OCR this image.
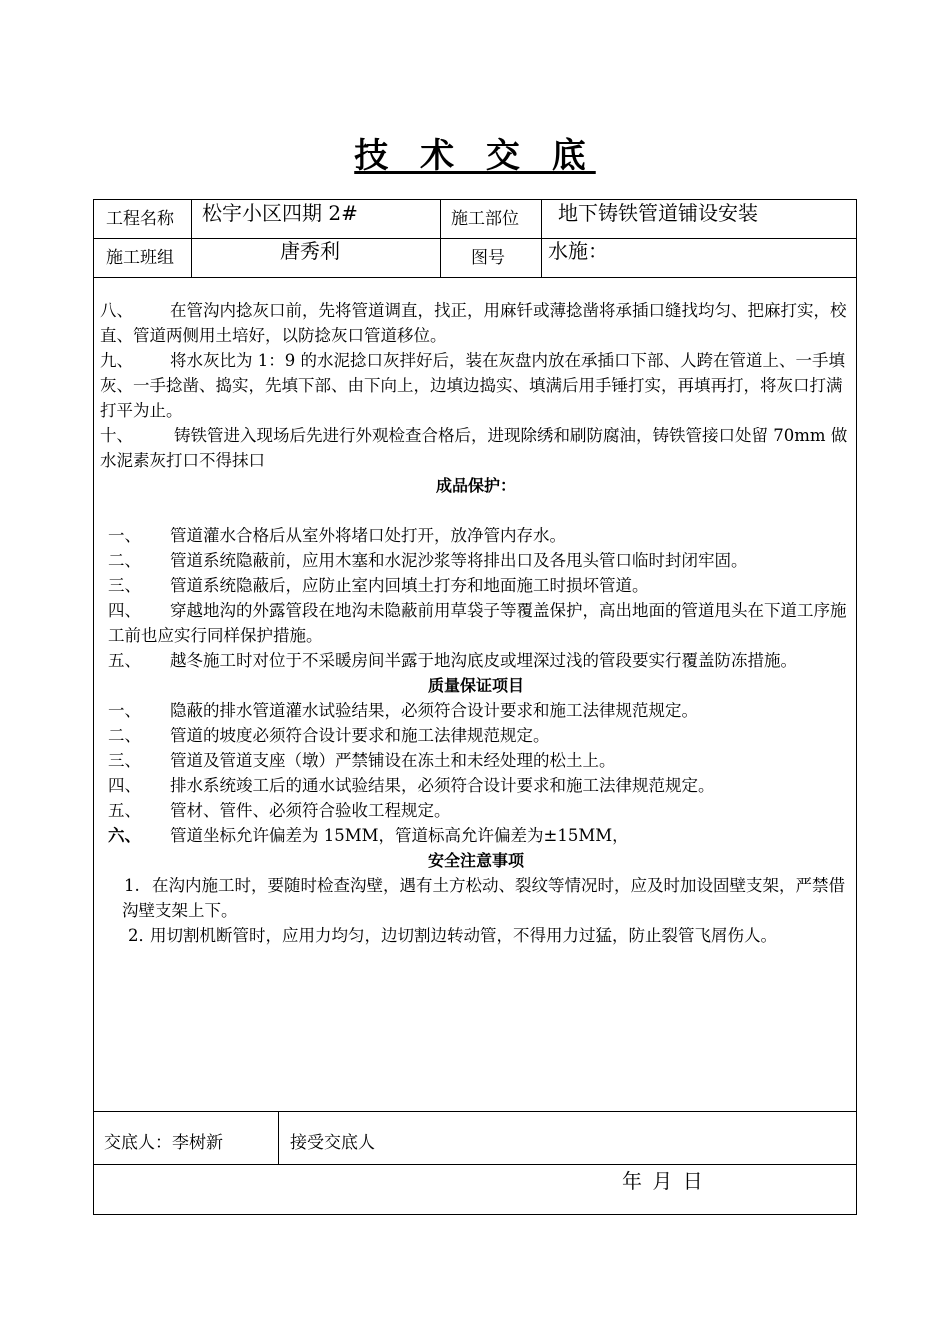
技 术 交 底
工程名称 松宇小区四期 2#	施工部位 地下铸铁管道铺设安装
施工班组	唐秀利	图号 水施：
交底人：李树新	接受交底人
年 月 日
八、	在管沟内捻灰口前，先将管道调直，找正，用麻钎或薄捻凿将承插口缝找均匀、把麻打实，校直、管道两侧用土培好，以防捻灰口管道移位。
九、	将水灰比为 1：9 的水泥捻口灰拌好后，装在灰盘内放在承插口下部、人跨在管道上、一手填灰、一手捻凿、捣实，先填下部、由下向上，边填边捣实、填满后用手锤打实，再填再打，将灰口打满打平为止。
十、	铸铁管进入现场后先进行外观检查合格后，进现除绣和刷防腐油，铸铁管接口处留 70mm 做水泥素灰打口不得抹口
成品保护：
一、	管道灌水合格后从室外将堵口处打开，放净管内存水。
二、	管道系统隐蔽前，应用木塞和水泥沙浆等将排出口及各甩头管口临时封闭牢固。
三、	管道系统隐蔽后，应防止室内回填土打夯和地面施工时损坏管道。
四、	穿越地沟的外露管段在地沟未隐蔽前用草袋子等覆盖保护，高出地面的管道甩头在下道工序施工前也应实行同样保护措施。
五、	越冬施工时对位于不采暖房间半露于地沟底皮或埋深过浅的管段要实行覆盖防冻措施。
质量保证项目
一、	隐蔽的排水管道灌水试验结果，必须符合设计要求和施工法律规范规定。
二、	管道的坡度必须符合设计要求和施工法律规范规定。
三、	管道及管道支座（墩）严禁铺设在冻土和未经处理的松土上。
四、	排水系统竣工后的通水试验结果，必须符合设计要求和施工法律规范规定。
五、	管材、管件、必须符合验收工程规定。
六、	管道坐标允许偏差为 15MM，管道标高允许偏差为±15MM，
安全注意事项
1. 在沟内施工时，要随时检查沟壁，遇有土方松动、裂纹等情况时，应及时加设固壁支架，严禁借沟壁支架上下。
2．
用切割机断管时，应用力均匀，边切割边转动管，不得用力过猛，防止裂管飞屑伤人。
